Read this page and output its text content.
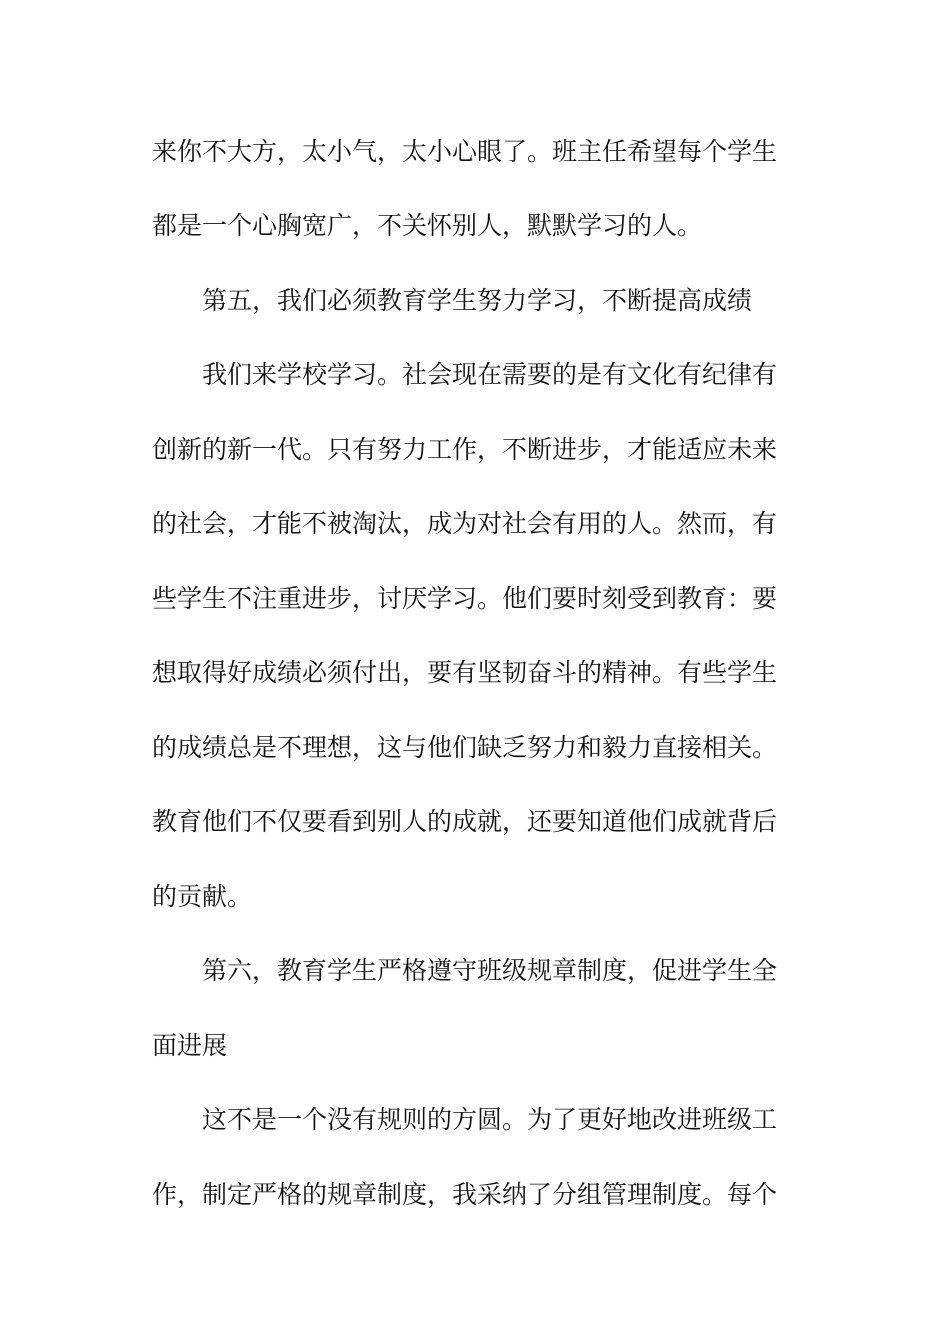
来你不大方，太小气，太小心眼了。班主任希望每个学生
都是一个心胸宽广，不关怀别人，默默学习的人。
第五，我们必须教育学生努力学习，不断提高成绩
我们来学校学习。社会现在需要的是有文化有纪律有
创新的新一代。只有努力工作，不断进步，才能适应未来
的社会，才能不被淘汰，成为对社会有用的人。然而，有
些学生不注重进步，讨厌学习。他们要时刻受到教育：要
想取得好成绩必须付出，要有坚韧奋斗的精神。有些学生
的成绩总是不理想，这与他们缺乏努力和毅力直接相关。
教育他们不仅要看到别人的成就，还要知道他们成就背后
的贡献。
第六，教育学生严格遵守班级规章制度，促进学生全
面进展
这不是一个没有规则的方圆。为了更好地改进班级工
作，制定严格的规章制度，我采纳了分组管理制度。每个
